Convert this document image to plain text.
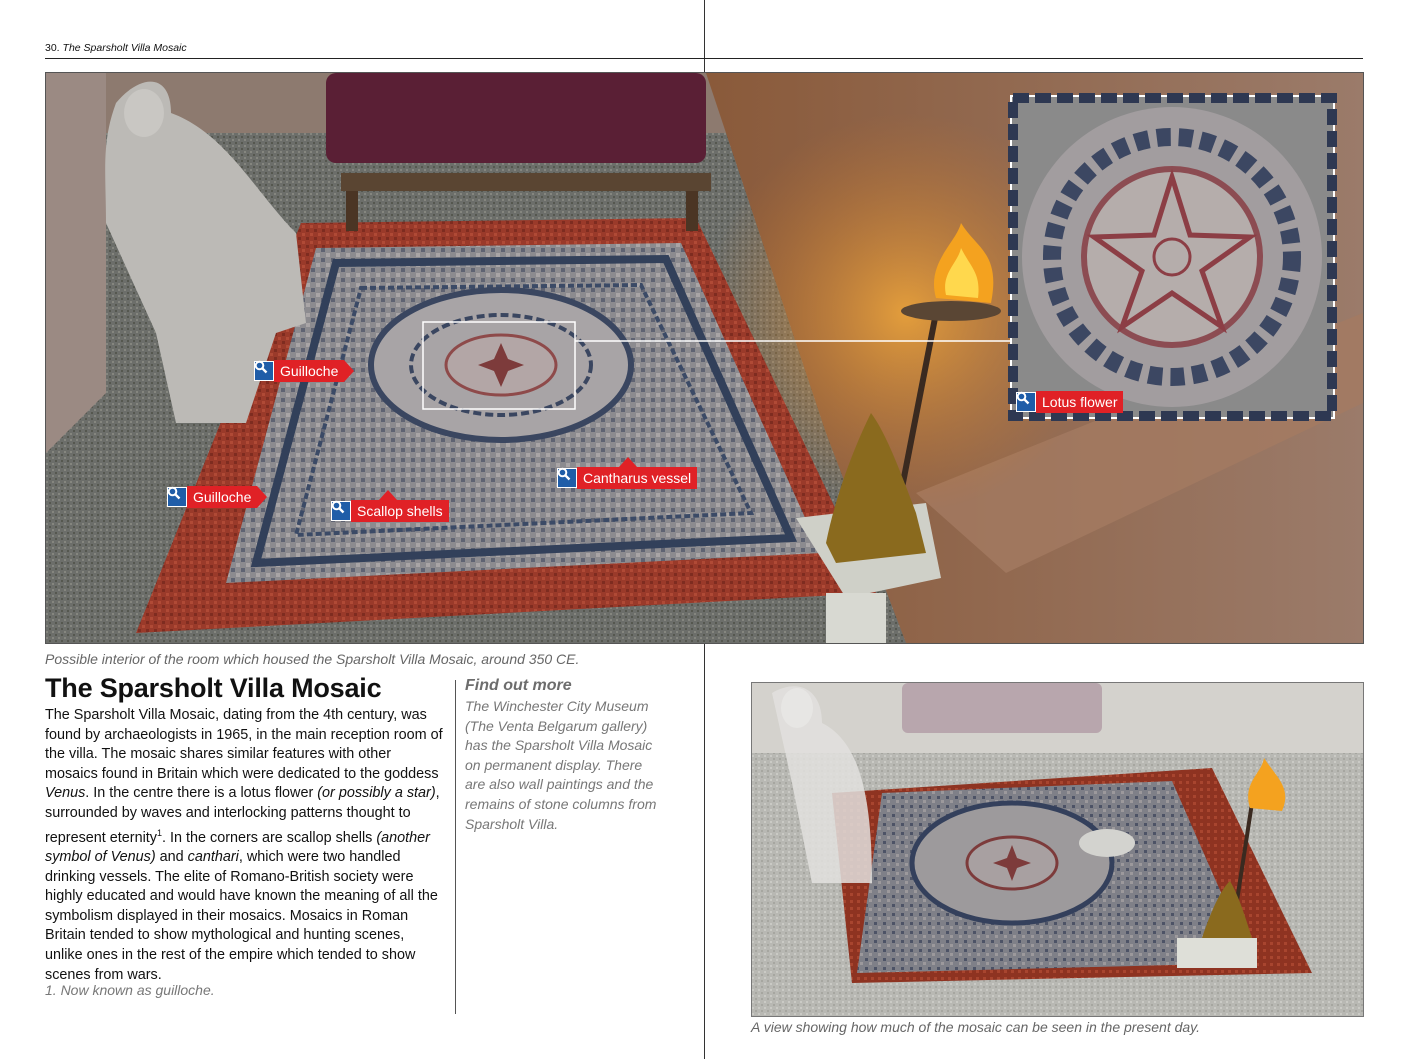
30. The Sparsholt Villa Mosaic
Guilloche
Guilloche
Scallop shells
Cantharus vessel
Lotus flower
Possible interior of the room which housed the Sparsholt Villa Mosaic, around 350 CE.
The Sparsholt Villa Mosaic

The Sparsholt Villa Mosaic, dating from the 4th century, was found by archaeologists in 1965, in the main reception room of the villa. The mosaic shares similar features with other mosaics found in Britain which were dedicated to the goddess Venus. In the centre there is a lotus flower (or possibly a star), surrounded by waves and interlocking patterns thought to represent eternity$^1$. In the corners are scallop shells (another symbol of Venus) and canthari, which were two handled drinking vessels. The elite of Romano-British society were highly educated and would have known the meaning of all the symbolism displayed in their mosaics. Mosaics in Roman Britain tended to show mythological and hunting scenes, unlike ones in the rest of the empire which tended to show scenes from wars.

1. Now known as guilloche.
Find out more

The Winchester City Museum (The Venta Belgarum gallery) has the Sparsholt Villa Mosaic on permanent display. There are also wall paintings and the remains of stone columns from Sparsholt Villa.

A view showing how much of the mosaic can be seen in the present day.
